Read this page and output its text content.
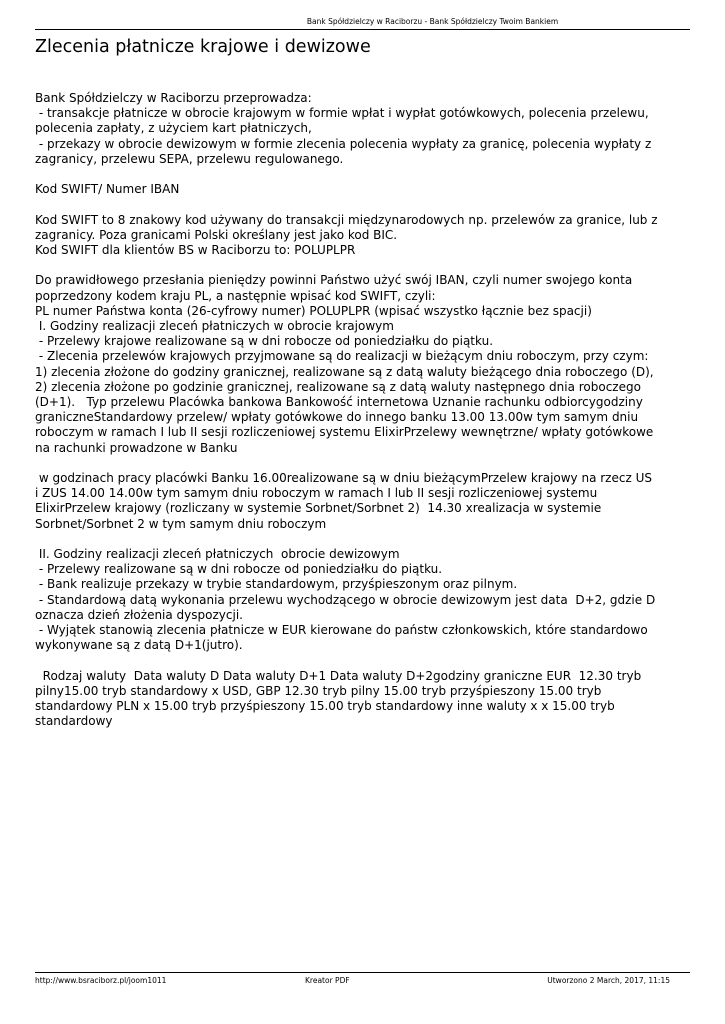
Bank Spółdzielczy w Raciborzu - Bank Spółdzielczy Twoim Bankiem
Zlecenia płatnicze krajowe i dewizowe

Bank Spółdzielczy w Raciborzu przeprowadza:

- transakcje płatnicze w obrocie krajowym w formie wpłat i wypłat gotówkowych, polecenia przelewu,

polecenia zapłaty, z użyciem kart płatniczych,

- przekazy w obrocie dewizowym w formie zlecenia polecenia wypłaty za granicę, polecenia wypłaty z

zagranicy, przelewu SEPA, przelewu regulowanego.

Kod SWIFT/ Numer IBAN

Kod SWIFT to 8 znakowy kod używany do transakcji międzynarodowych np. przelewów za granice, lub z

zagranicy. Poza granicami Polski określany jest jako kod BIC.

Kod SWIFT dla klientów BS w Raciborzu to: POLUPLPR

Do prawidłowego przesłania pieniędzy powinni Państwo użyć swój IBAN, czyli numer swojego konta

poprzedzony kodem kraju PL, a następnie wpisać kod SWIFT, czyli:

PL numer Państwa konta (26-cyfrowy numer) POLUPLPR (wpisać wszystko łącznie bez spacji)

I. Godziny realizacji zleceń płatniczych w obrocie krajowym

- Przelewy krajowe realizowane są w dni robocze od poniedziałku do piątku.

- Zlecenia przelewów krajowych przyjmowane są do realizacji w bieżącym dniu roboczym, przy czym:

1) zlecenia złożone do godziny granicznej, realizowane są z datą waluty bieżącego dnia roboczego (D),

2) zlecenia złożone po godzinie granicznej, realizowane są z datą waluty następnego dnia roboczego

(D+1).   Typ przelewu Placówka bankowa Bankowość internetowa Uznanie rachunku odbiorcygodziny

graniczneStandardowy przelew/ wpłaty gotówkowe do innego banku 13.00 13.00w tym samym dniu

roboczym w ramach I lub II sesji rozliczeniowej systemu ElixirPrzelewy wewnętrzne/ wpłaty gotówkowe

na rachunki prowadzone w Banku

w godzinach pracy placówki Banku 16.00realizowane są w dniu bieżącymPrzelew krajowy na rzecz US

i ZUS 14.00 14.00w tym samym dniu roboczym w ramach I lub II sesji rozliczeniowej systemu

ElixirPrzelew krajowy (rozliczany w systemie Sorbnet/Sorbnet 2)  14.30 xrealizacja w systemie

Sorbnet/Sorbnet 2 w tym samym dniu roboczym

II. Godziny realizacji zleceń płatniczych  obrocie dewizowym

- Przelewy realizowane są w dni robocze od poniedziałku do piątku.

- Bank realizuje przekazy w trybie standardowym, przyśpieszonym oraz pilnym.

- Standardową datą wykonania przelewu wychodzącego w obrocie dewizowym jest data  D+2, gdzie D

oznacza dzień złożenia dyspozycji.

- Wyjątek stanowią zlecenia płatnicze w EUR kierowane do państw członkowskich, które standardowo

wykonywane są z datą D+1(jutro).

Rodzaj waluty  Data waluty D Data waluty D+1 Data waluty D+2godziny graniczne EUR  12.30 tryb

pilny15.00 tryb standardowy x USD, GBP 12.30 tryb pilny 15.00 tryb przyśpieszony 15.00 tryb

standardowy PLN x 15.00 tryb przyśpieszony 15.00 tryb standardowy inne waluty x x 15.00 tryb

standardowy

http://www.bsraciborz.pl/joom1011	Kreator PDF	Utworzono 2 March, 2017, 11:15
